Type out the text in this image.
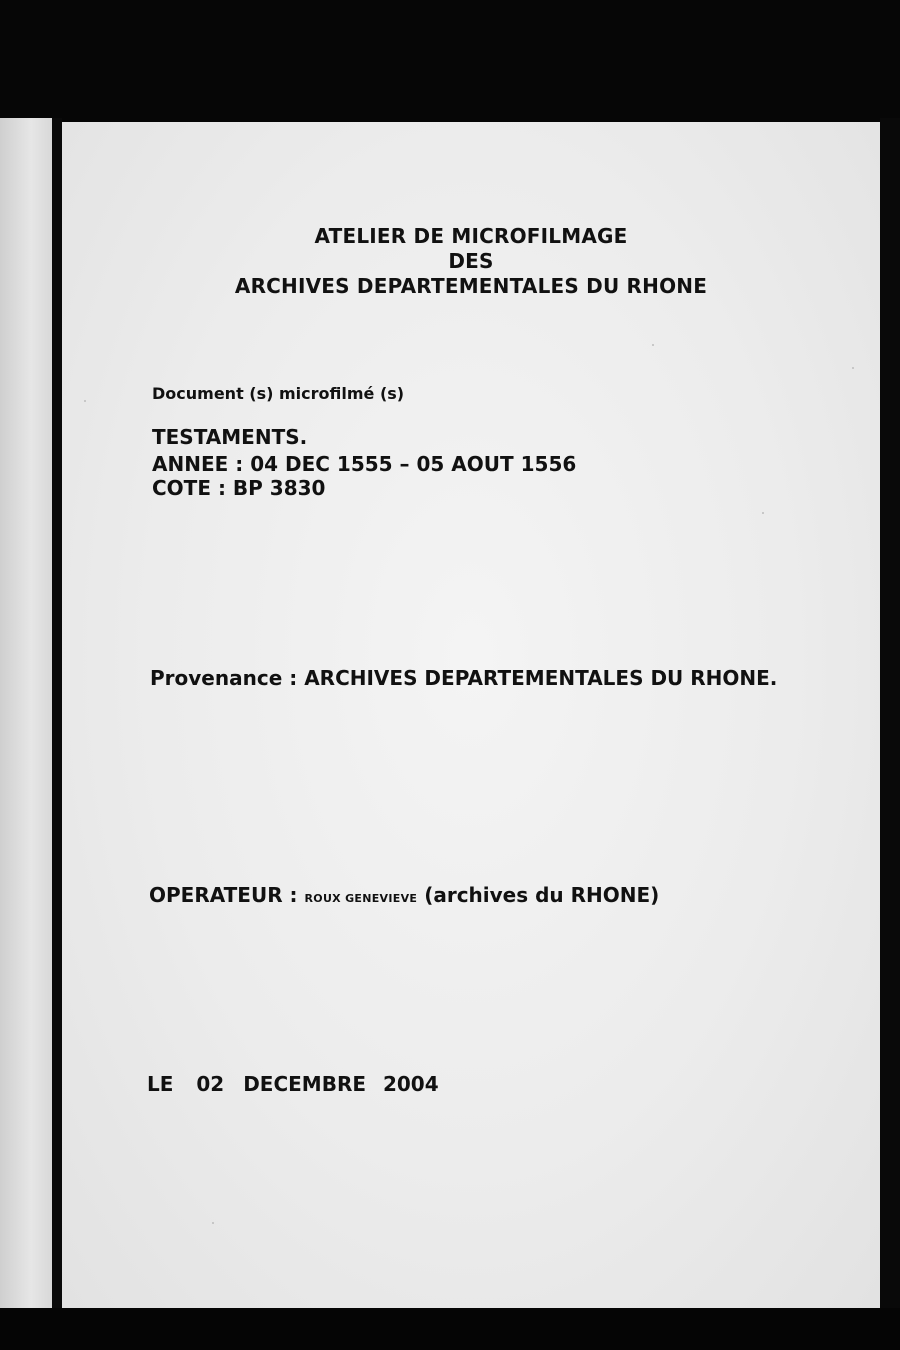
ATELIER DE MICROFILMAGE
DES
ARCHIVES DEPARTEMENTALES DU RHONE
Document (s) microfilmé (s)
TESTAMENTS.
ANNEE : 04 DEC 1555 – 05 AOUT 1556
COTE : BP 3830
Provenance : ARCHIVES DEPARTEMENTALES DU RHONE.
OPERATEUR : ROUX GENEVIEVE (archives du RHONE)
LE 02 DECEMBRE 2004
